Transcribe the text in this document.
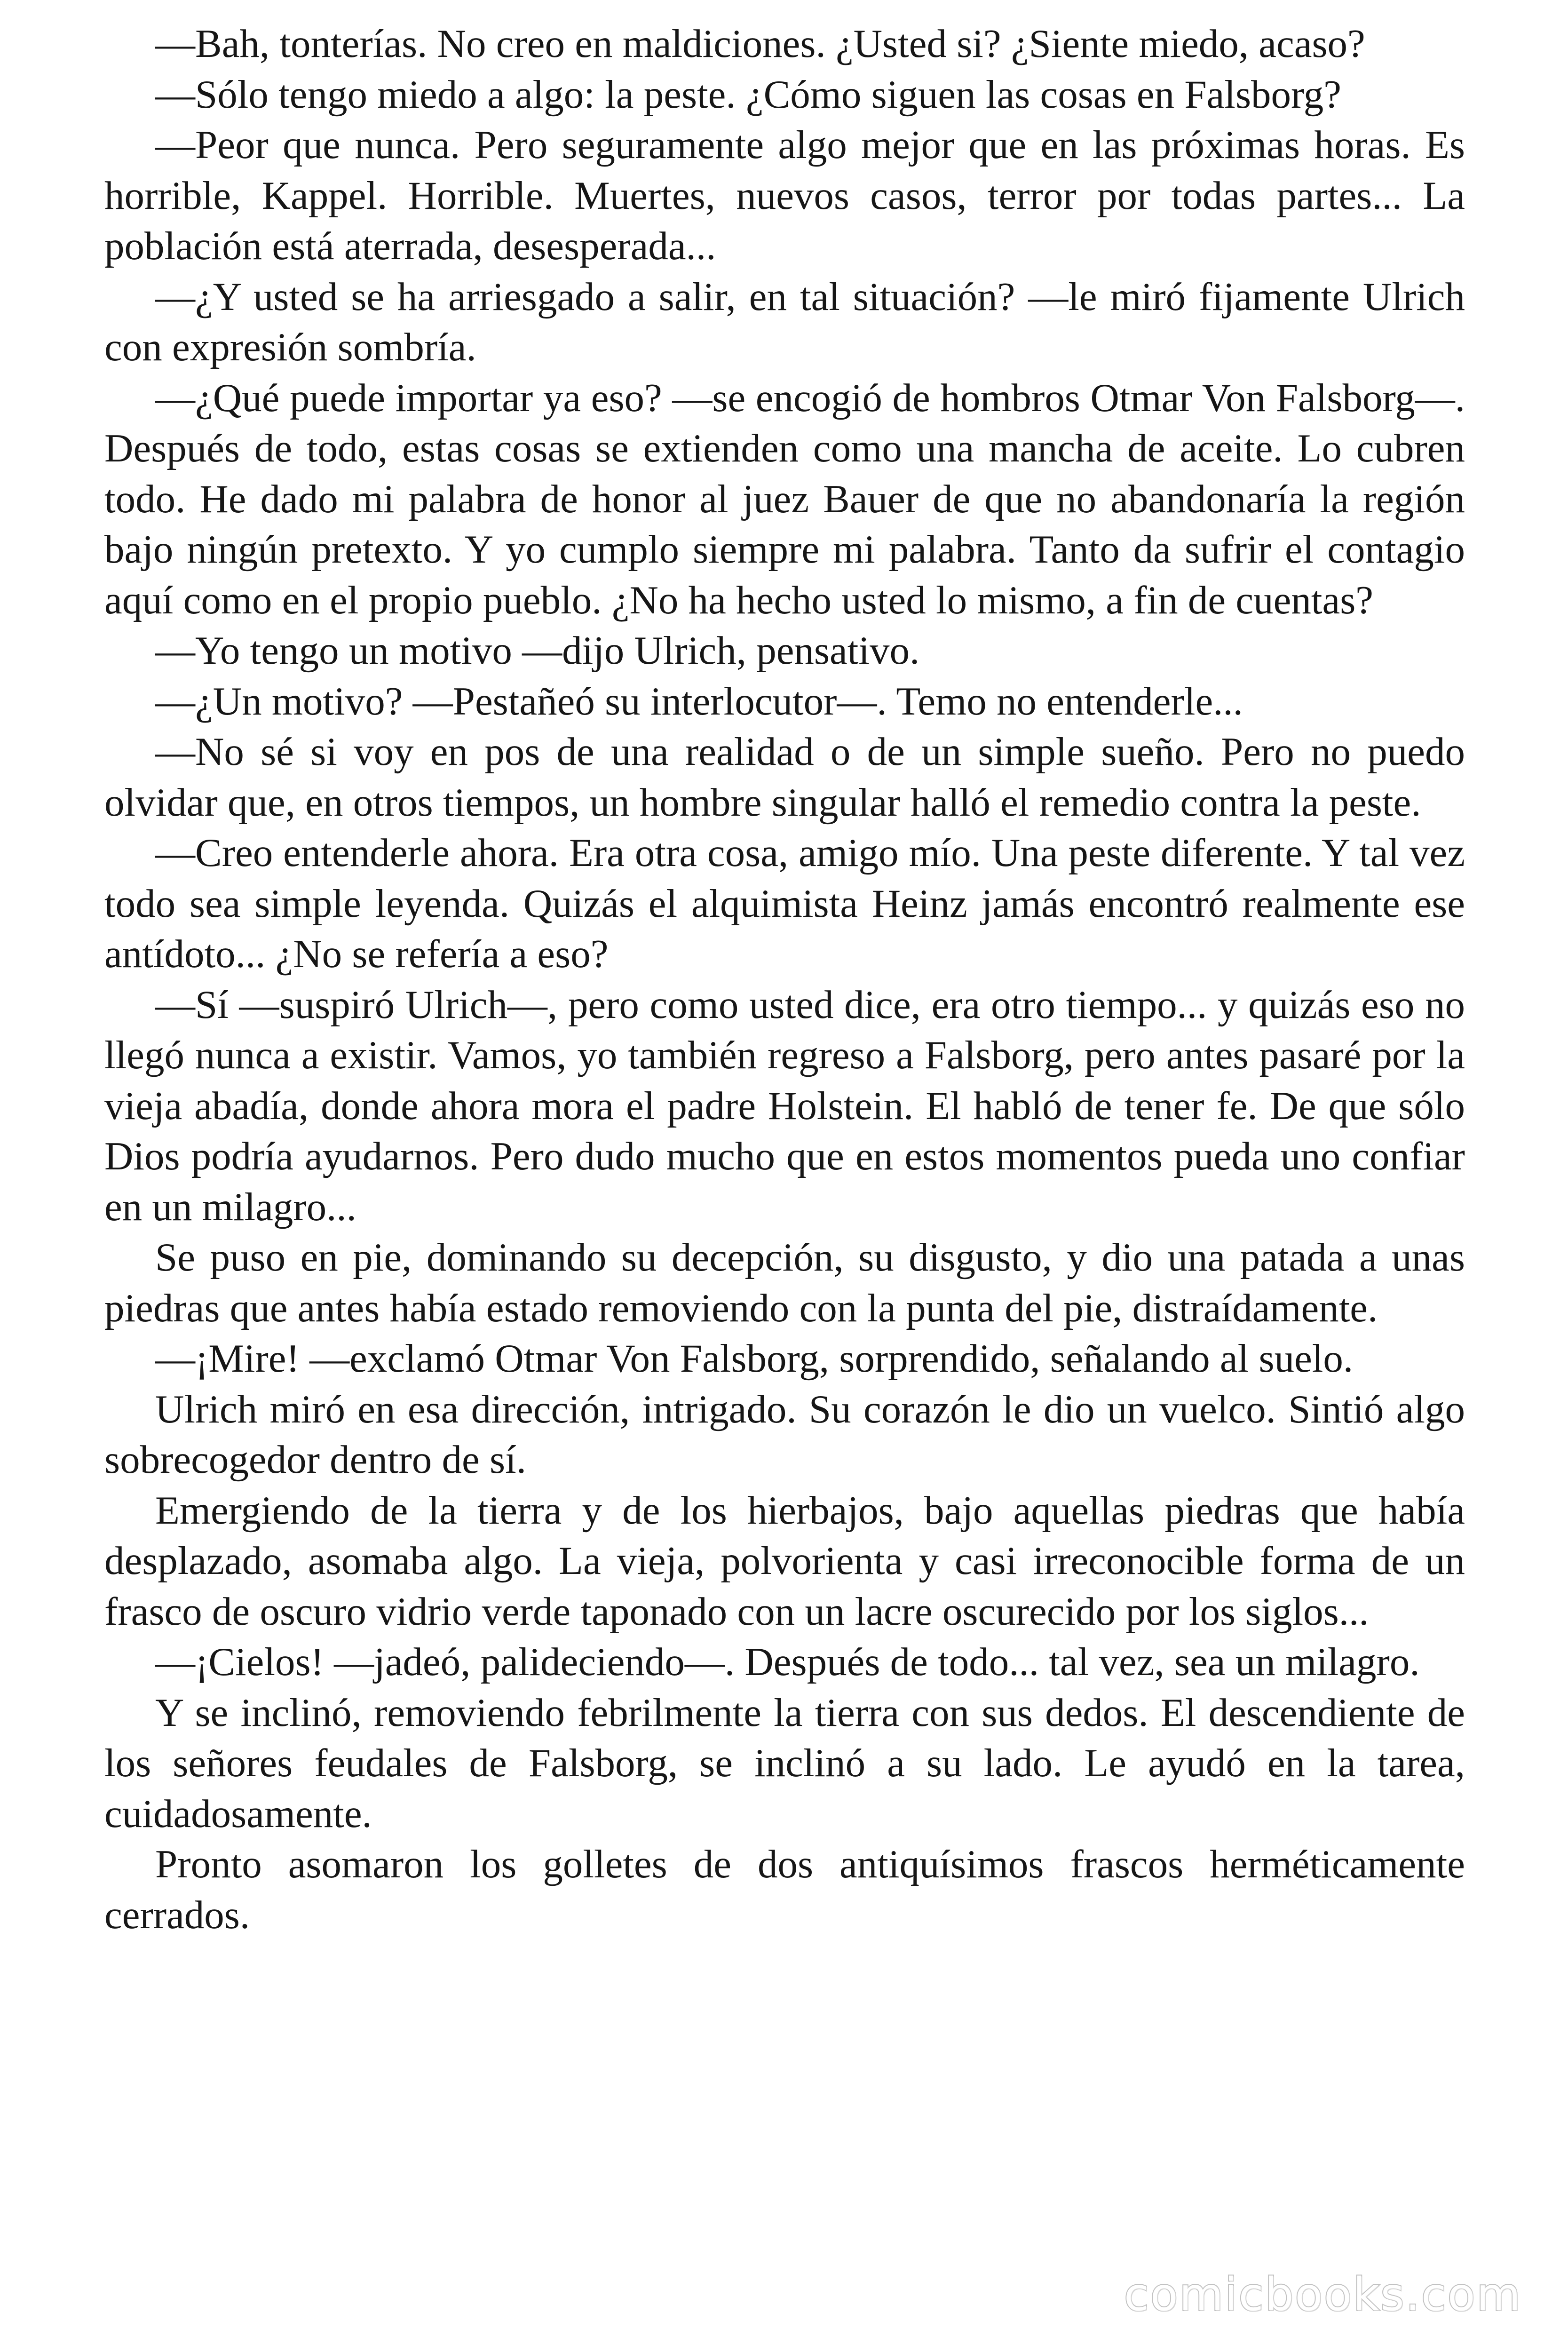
—Bah, tonterías. No creo en maldiciones. ¿Usted si? ¿Siente miedo, acaso?

—Sólo tengo miedo a algo: la peste. ¿Cómo siguen las cosas en Falsborg?

—Peor que nunca. Pero seguramente algo mejor que en las próximas horas. Es horrible, Kappel. Horrible. Muertes, nuevos casos, terror por todas partes... La población está aterrada, desesperada...

—¿Y usted se ha arriesgado a salir, en tal situación? —le miró fijamente Ulrich con expresión sombría.

—¿Qué puede importar ya eso? —se encogió de hombros Otmar Von Falsborg—. Después de todo, estas cosas se extienden como una mancha de aceite. Lo cubren todo. He dado mi palabra de honor al juez Bauer de que no abandonaría la región bajo ningún pretexto. Y yo cumplo siempre mi palabra. Tanto da sufrir el contagio aquí como en el propio pueblo. ¿No ha hecho usted lo mismo, a fin de cuentas?

—Yo tengo un motivo —dijo Ulrich, pensativo.

—¿Un motivo? —Pestañeó su interlocutor—. Temo no entenderle...

—No sé si voy en pos de una realidad o de un simple sueño. Pero no puedo olvidar que, en otros tiempos, un hombre singular halló el remedio contra la peste.

—Creo entenderle ahora. Era otra cosa, amigo mío. Una peste diferente. Y tal vez todo sea simple leyenda. Quizás el alquimista Heinz jamás encontró realmente ese antídoto... ¿No se refería a eso?

—Sí —suspiró Ulrich—, pero como usted dice, era otro tiempo... y quizás eso no llegó nunca a existir. Vamos, yo también regreso a Falsborg, pero antes pasaré por la vieja abadía, donde ahora mora el padre Holstein. El habló de tener fe. De que sólo Dios podría ayudarnos. Pero dudo mucho que en estos momentos pueda uno confiar en un milagro...

Se puso en pie, dominando su decepción, su disgusto, y dio una patada a unas piedras que antes había estado removiendo con la punta del pie, distraídamente.

—¡Mire! —exclamó Otmar Von Falsborg, sorprendido, señalando al suelo.

Ulrich miró en esa dirección, intrigado. Su corazón le dio un vuelco. Sintió algo sobrecogedor dentro de sí.

Emergiendo de la tierra y de los hierbajos, bajo aquellas piedras que había desplazado, asomaba algo. La vieja, polvorienta y casi irreconocible forma de un frasco de oscuro vidrio verde taponado con un lacre oscurecido por los siglos...

—¡Cielos! —jadeó, palideciendo—. Después de todo... tal vez, sea un milagro.

Y se inclinó, removiendo febrilmente la tierra con sus dedos. El descendiente de los señores feudales de Falsborg, se inclinó a su lado. Le ayudó en la tarea, cuidadosamente.

Pronto asomaron los golletes de dos antiquísimos frascos herméticamente cerrados.

comicbooks.com
